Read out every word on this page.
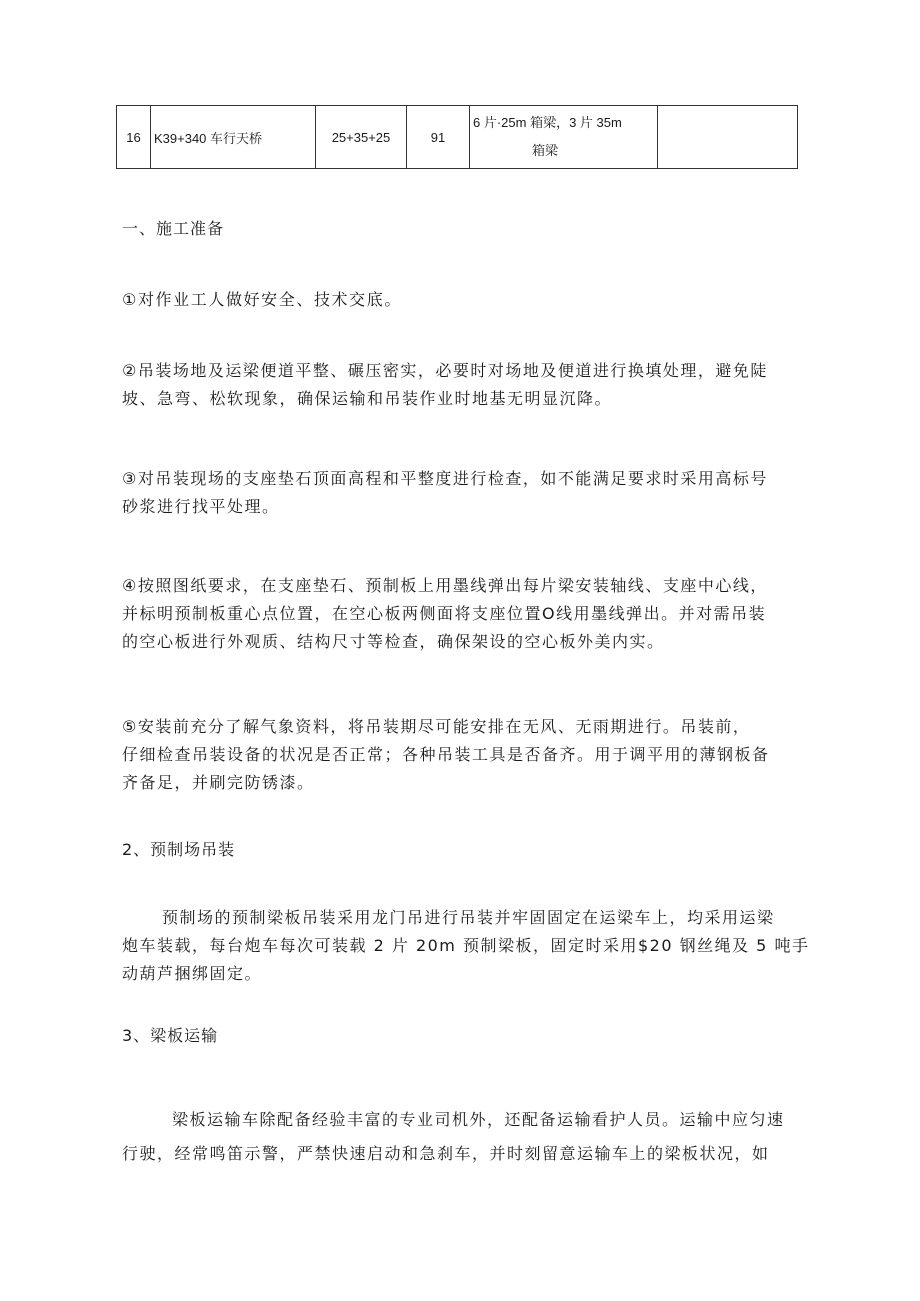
16	K39+340 车行天桥	25+35+25	91	6 片·25m 箱梁，3 片 35m
箱梁

一、施工准备
①对作业工人做好安全、技术交底。
②吊装场地及运梁便道平整、碾压密实，必要时对场地及便道进行换填处理，避免陡
坡、急弯、松软现象，确保运输和吊装作业时地基无明显沉降。
③对吊装现场的支座垫石顶面高程和平整度进行检查，如不能满足要求时采用高标号
砂浆进行找平处理。
④按照图纸要求，在支座垫石、预制板上用墨线弹出每片梁安装轴线、支座中心线，
并标明预制板重心点位置，在空心板两侧面将支座位置O线用墨线弹出。并对需吊装
的空心板进行外观质、结构尺寸等检查，确保架设的空心板外美内实。
⑤安装前充分了解气象资料，将吊装期尽可能安排在无风、无雨期进行。吊装前，
仔细检查吊装设备的状况是否正常；各种吊装工具是否备齐。用于调平用的薄钢板备
齐备足，并刷完防锈漆。
2、预制场吊装
预制场的预制梁板吊装采用龙门吊进行吊装并牢固固定在运梁车上，均采用运梁
炮车装载，每台炮车每次可装载 2 片 20m 预制梁板，固定时采用$20 钢丝绳及 5 吨手
动葫芦捆绑固定。
3、梁板运输
梁板运输车除配备经验丰富的专业司机外，还配备运输看护人员。运输中应匀速
行驶，经常鸣笛示警，严禁快速启动和急刹车，并时刻留意运输车上的梁板状况，如
